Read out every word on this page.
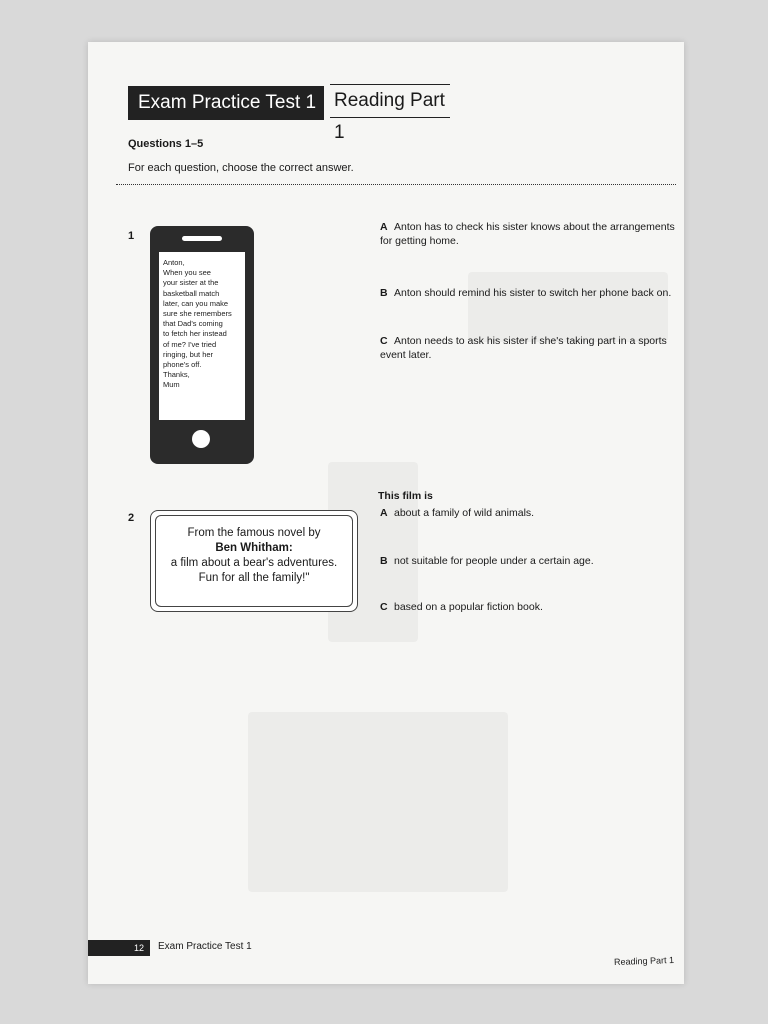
Exam Practice Test 1 Reading Part 1
Questions 1–5
For each question, choose the correct answer.
1

Anton,
When you see
your sister at the
basketball match
later, can you make
sure she remembers
that Dad's coming
to fetch her instead
of me? I've tried
ringing, but her
phone's off.
Thanks,
Mum

A Anton has to check his sister knows about the arrangements for getting home.
B Anton should remind his sister to switch her phone back on.
C Anton needs to ask his sister if she's taking part in a sports event later.
This film is
2
From the famous novel by
Ben Whitham:
a film about a bear's adventures.
Fun for all the family!"
A about a family of wild animals.
B not suitable for people under a certain age.
C based on a popular fiction book.
12	Exam Practice Test 1
Reading Part 1
